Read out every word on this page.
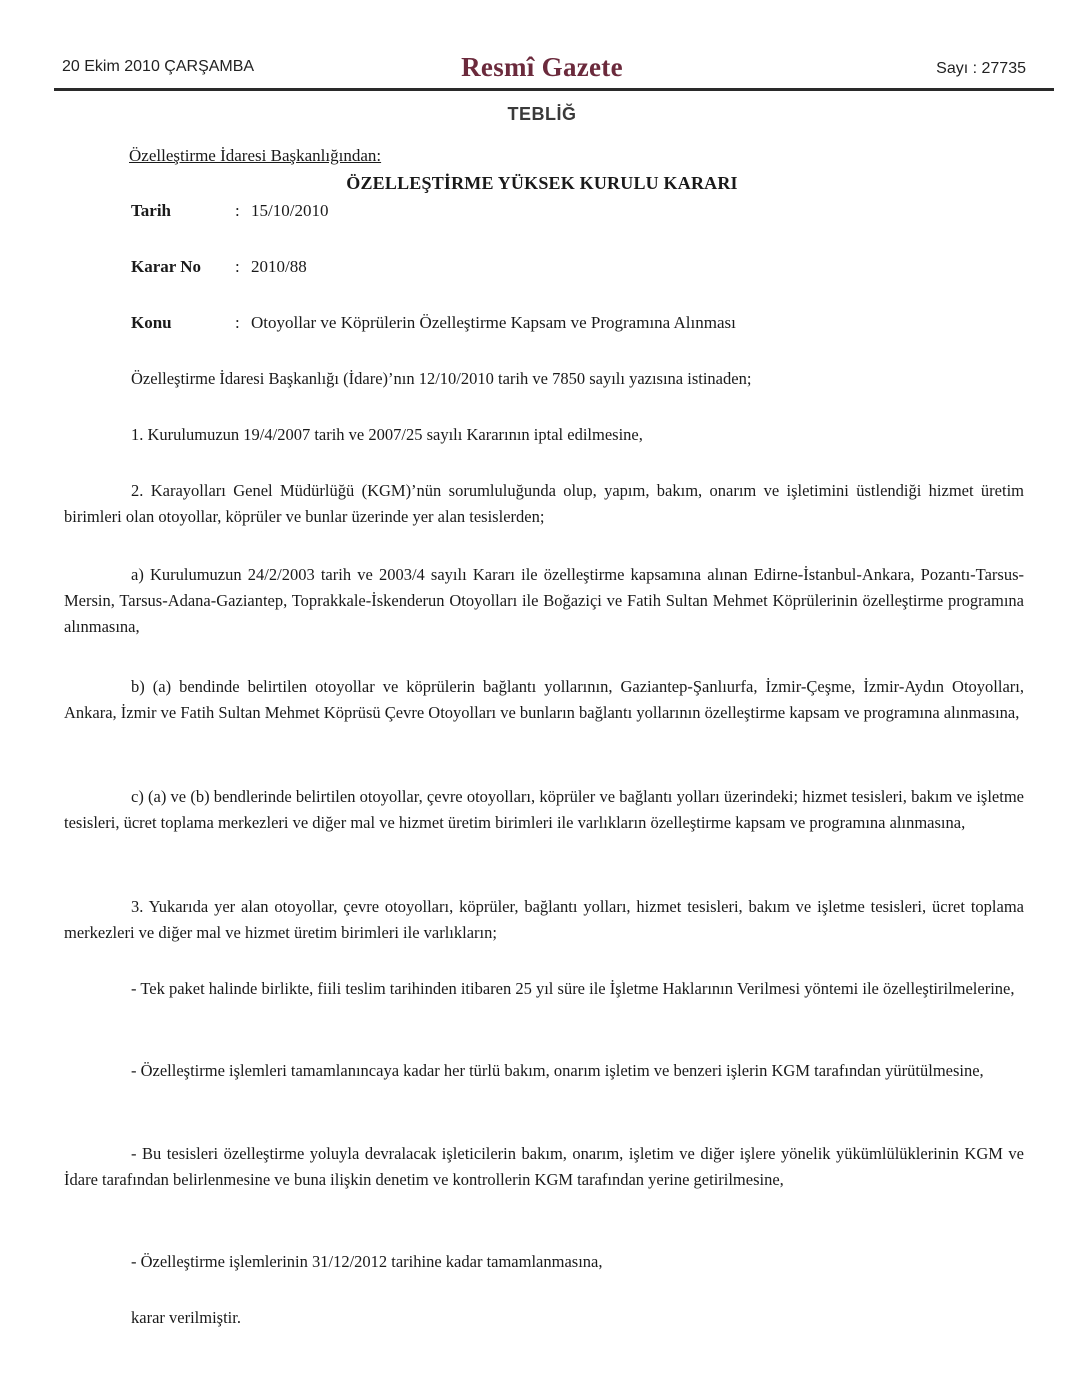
20 Ekim 2010 ÇARŞAMBA	Resmî Gazete	Sayı : 27735
TEBLİĞ
Özelleştirme İdaresi Başkanlığından:
ÖZELLEŞTİRME YÜKSEK KURULU KARARI
Tarih	: 15/10/2010
Karar No : 2010/88
Konu	: Otoyollar ve Köprülerin Özelleştirme Kapsam ve Programına Alınması
Özelleştirme İdaresi Başkanlığı (İdare)’nın 12/10/2010 tarih ve 7850 sayılı yazısına istinaden;
1. Kurulumuzun 19/4/2007 tarih ve 2007/25 sayılı Kararının iptal edilmesine,
2. Karayolları Genel Müdürlüğü (KGM)’nün sorumluluğunda olup, yapım, bakım, onarım ve işletimini üstlendiği hizmet üretim birimleri olan otoyollar, köprüler ve bunlar üzerinde yer alan tesislerden;
a) Kurulumuzun 24/2/2003 tarih ve 2003/4 sayılı Kararı ile özelleştirme kapsamına alınan Edirne-İstanbul-Ankara, Pozantı-Tarsus-Mersin, Tarsus-Adana-Gaziantep, Toprakkale-İskenderun Otoyolları ile Boğaziçi ve Fatih Sultan Mehmet Köprülerinin özelleştirme programına alınmasına,
b) (a) bendinde belirtilen otoyollar ve köprülerin bağlantı yollarının, Gaziantep-Şanlıurfa, İzmir-Çeşme, İzmir-Aydın Otoyolları, Ankara, İzmir ve Fatih Sultan Mehmet Köprüsü Çevre Otoyolları ve bunların bağlantı yollarının özelleştirme kapsam ve programına alınmasına,
c) (a) ve (b) bendlerinde belirtilen otoyollar, çevre otoyolları, köprüler ve bağlantı yolları üzerindeki; hizmet tesisleri, bakım ve işletme tesisleri, ücret toplama merkezleri ve diğer mal ve hizmet üretim birimleri ile varlıkların özelleştirme kapsam ve programına alınmasına,
3. Yukarıda yer alan otoyollar, çevre otoyolları, köprüler, bağlantı yolları, hizmet tesisleri, bakım ve işletme tesisleri, ücret toplama merkezleri ve diğer mal ve hizmet üretim birimleri ile varlıkların;
- Tek paket halinde birlikte, fiili teslim tarihinden itibaren 25 yıl süre ile İşletme Haklarının Verilmesi yöntemi ile özelleştirilmelerine,
- Özelleştirme işlemleri tamamlanıncaya kadar her türlü bakım, onarım işletim ve benzeri işlerin KGM tarafından yürütülmesine,
- Bu tesisleri özelleştirme yoluyla devralacak işleticilerin bakım, onarım, işletim ve diğer işlere yönelik yükümlülüklerinin KGM ve İdare tarafından belirlenmesine ve buna ilişkin denetim ve kontrollerin KGM tarafından yerine getirilmesine,
- Özelleştirme işlemlerinin 31/12/2012 tarihine kadar tamamlanmasına,
karar verilmiştir.
